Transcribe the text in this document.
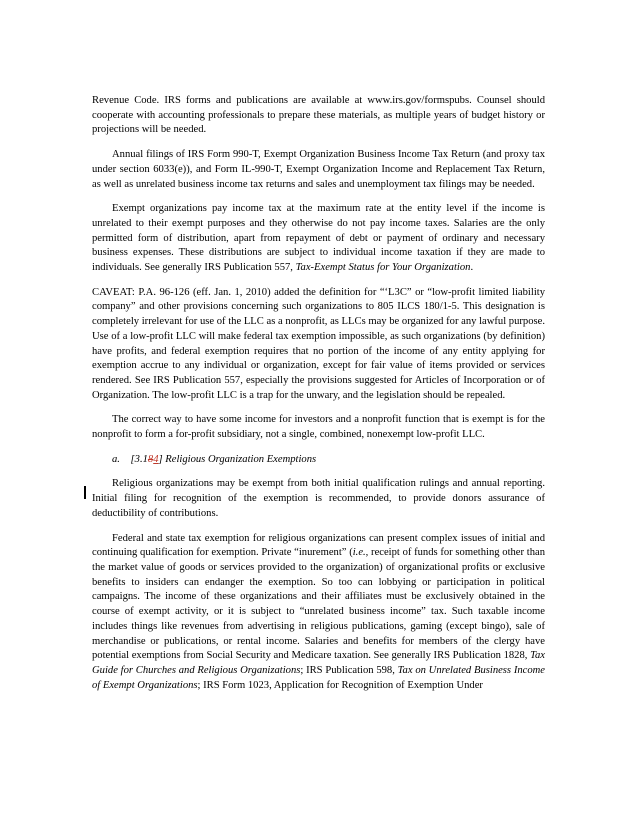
Revenue Code. IRS forms and publications are available at www.irs.gov/formspubs. Counsel should cooperate with accounting professionals to prepare these materials, as multiple years of budget history or projections will be needed.

Annual filings of IRS Form 990-T, Exempt Organization Business Income Tax Return (and proxy tax under section 6033(e)), and Form IL-990-T, Exempt Organization Income and Replacement Tax Return, as well as unrelated business income tax returns and sales and unemployment tax filings may be needed.

Exempt organizations pay income tax at the maximum rate at the entity level if the income is unrelated to their exempt purposes and they otherwise do not pay income taxes. Salaries are the only permitted form of distribution, apart from repayment of debt or payment of ordinary and necessary business expenses. These distributions are subject to individual income taxation if they are made to individuals. See generally IRS Publication 557, Tax-Exempt Status for Your Organization.

CAVEAT: P.A. 96-126 (eff. Jan. 1, 2010) added the definition for “‘L3C” or “low-profit limited liability company” and other provisions concerning such organizations to 805 ILCS 180/1-5. This designation is completely irrelevant for use of the LLC as a nonprofit, as LLCs may be organized for any lawful purpose. Use of a low-profit LLC will make federal tax exemption impossible, as such organizations (by definition) have profits, and federal exemption requires that no portion of the income of any entity applying for exemption accrue to any individual or organization, except for fair value of items provided or services rendered. See IRS Publication 557, especially the provisions suggested for Articles of Incorporation or of Organization. The low-profit LLC is a trap for the unwary, and the legislation should be repealed.

The correct way to have some income for investors and a nonprofit function that is exempt is for the nonprofit to form a for-profit subsidiary, not a single, combined, nonexempt low-profit LLC.

a. [3.184] Religious Organization Exemptions

Religious organizations may be exempt from both initial qualification rulings and annual reporting. Initial filing for recognition of the exemption is recommended, to provide donors assurance of deductibility of contributions.

Federal and state tax exemption for religious organizations can present complex issues of initial and continuing qualification for exemption. Private “inurement” (i.e., receipt of funds for something other than the market value of goods or services provided to the organization) of organizational profits or exclusive benefits to insiders can endanger the exemption. So too can lobbying or participation in political campaigns. The income of these organizations and their affiliates must be exclusively obtained in the course of exempt activity, or it is subject to “unrelated business income” tax. Such taxable income includes things like revenues from advertising in religious publications, gaming (except bingo), sale of merchandise or publications, or rental income. Salaries and benefits for members of the clergy have potential exemptions from Social Security and Medicare taxation. See generally IRS Publication 1828, Tax Guide for Churches and Religious Organizations; IRS Publication 598, Tax on Unrelated Business Income of Exempt Organizations; IRS Form 1023, Application for Recognition of Exemption Under
